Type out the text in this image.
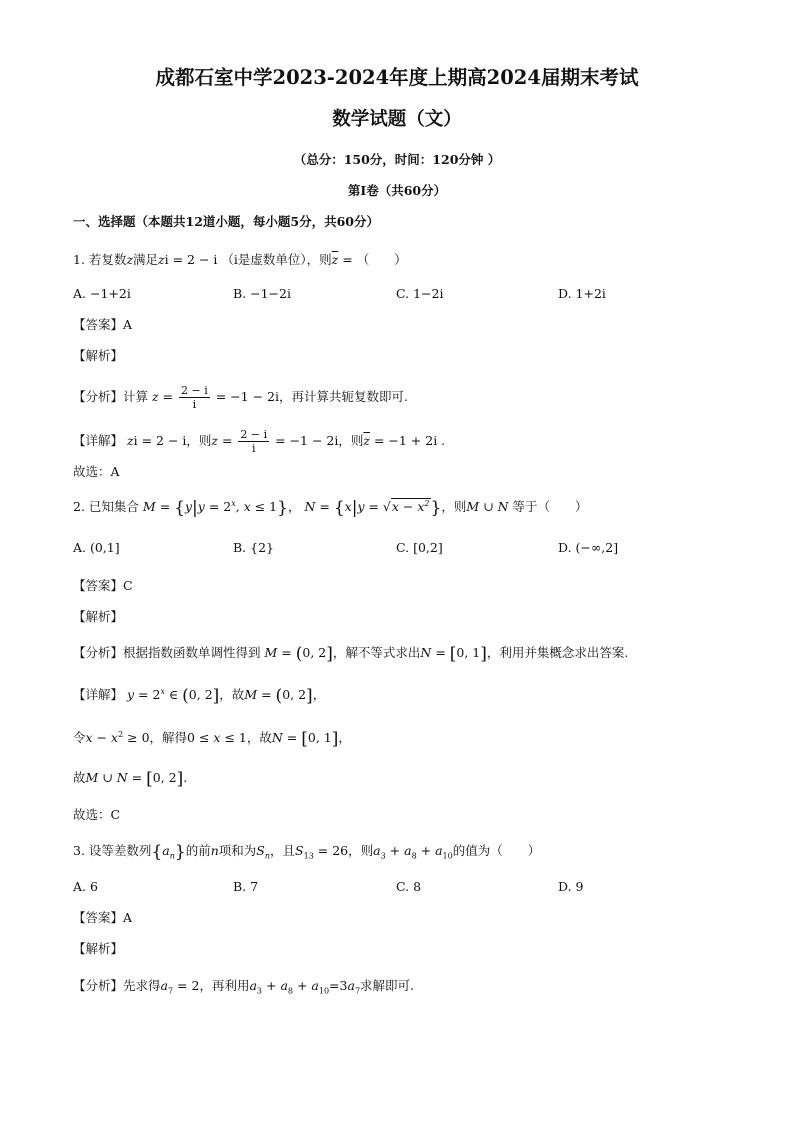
成都石室中学2023-2024年度上期高2024届期末考试
数学试题（文）
（总分：150分，时间：120分钟 ）
第Ⅰ卷（共60分）
一、选择题（本题共12道小题，每小题5分，共60分）
1. 若复数z满足zi = 2 − i （i是虚数单位），则$\overline{z}$ = （　　）
A. −1+2i	B. −1−2i	C. 1−2i	D. 1+2i
【答案】A
【解析】
【分析】计算 $z = \frac{2 - i}{i} = -1 - 2i$，再计算共轭复数即可.
【详解】 zi = 2 − i，则$z = \frac{2 - i}{i} = -1 - 2i$，则$\overline{z} = -1 + 2i$ .
故选：A
2. 已知集合 $M = \{y|y = 2^x$, x ≤ 1}， $N = \{x|y = √x - x^2\}$，则M ∪ N 等于（　　）
A. (0,1]	B. {2}	C. [0,2]	D. (−∞,2]
【答案】C
【解析】
【分析】根据指数函数单调性得到 M = (0, 2]，解不等式求出N = [0, 1]，利用并集概念求出答案.
【详解】 $y = 2^x$ ∈ (0, 2]，故M = (0, 2]，
令$x - x^2 \ge 0$，解得0 ≤ x ≤ 1，故N = [0, 1]，
故M ∪ N = [0, 2].
故选：C
3. 设等差数列$\{a_n\}$的前n项和为$S_n$，且$S_{13} = 26$，则$a_3 + a_8 + a_{10}$的值为（　　）
A. 6	B. 7	C. 8	D. 9
【答案】A
【解析】
【分析】先求得$a_7 = 2$，再利用$a_3 + a_8 + a_{10}=3a_7$求解即可.
